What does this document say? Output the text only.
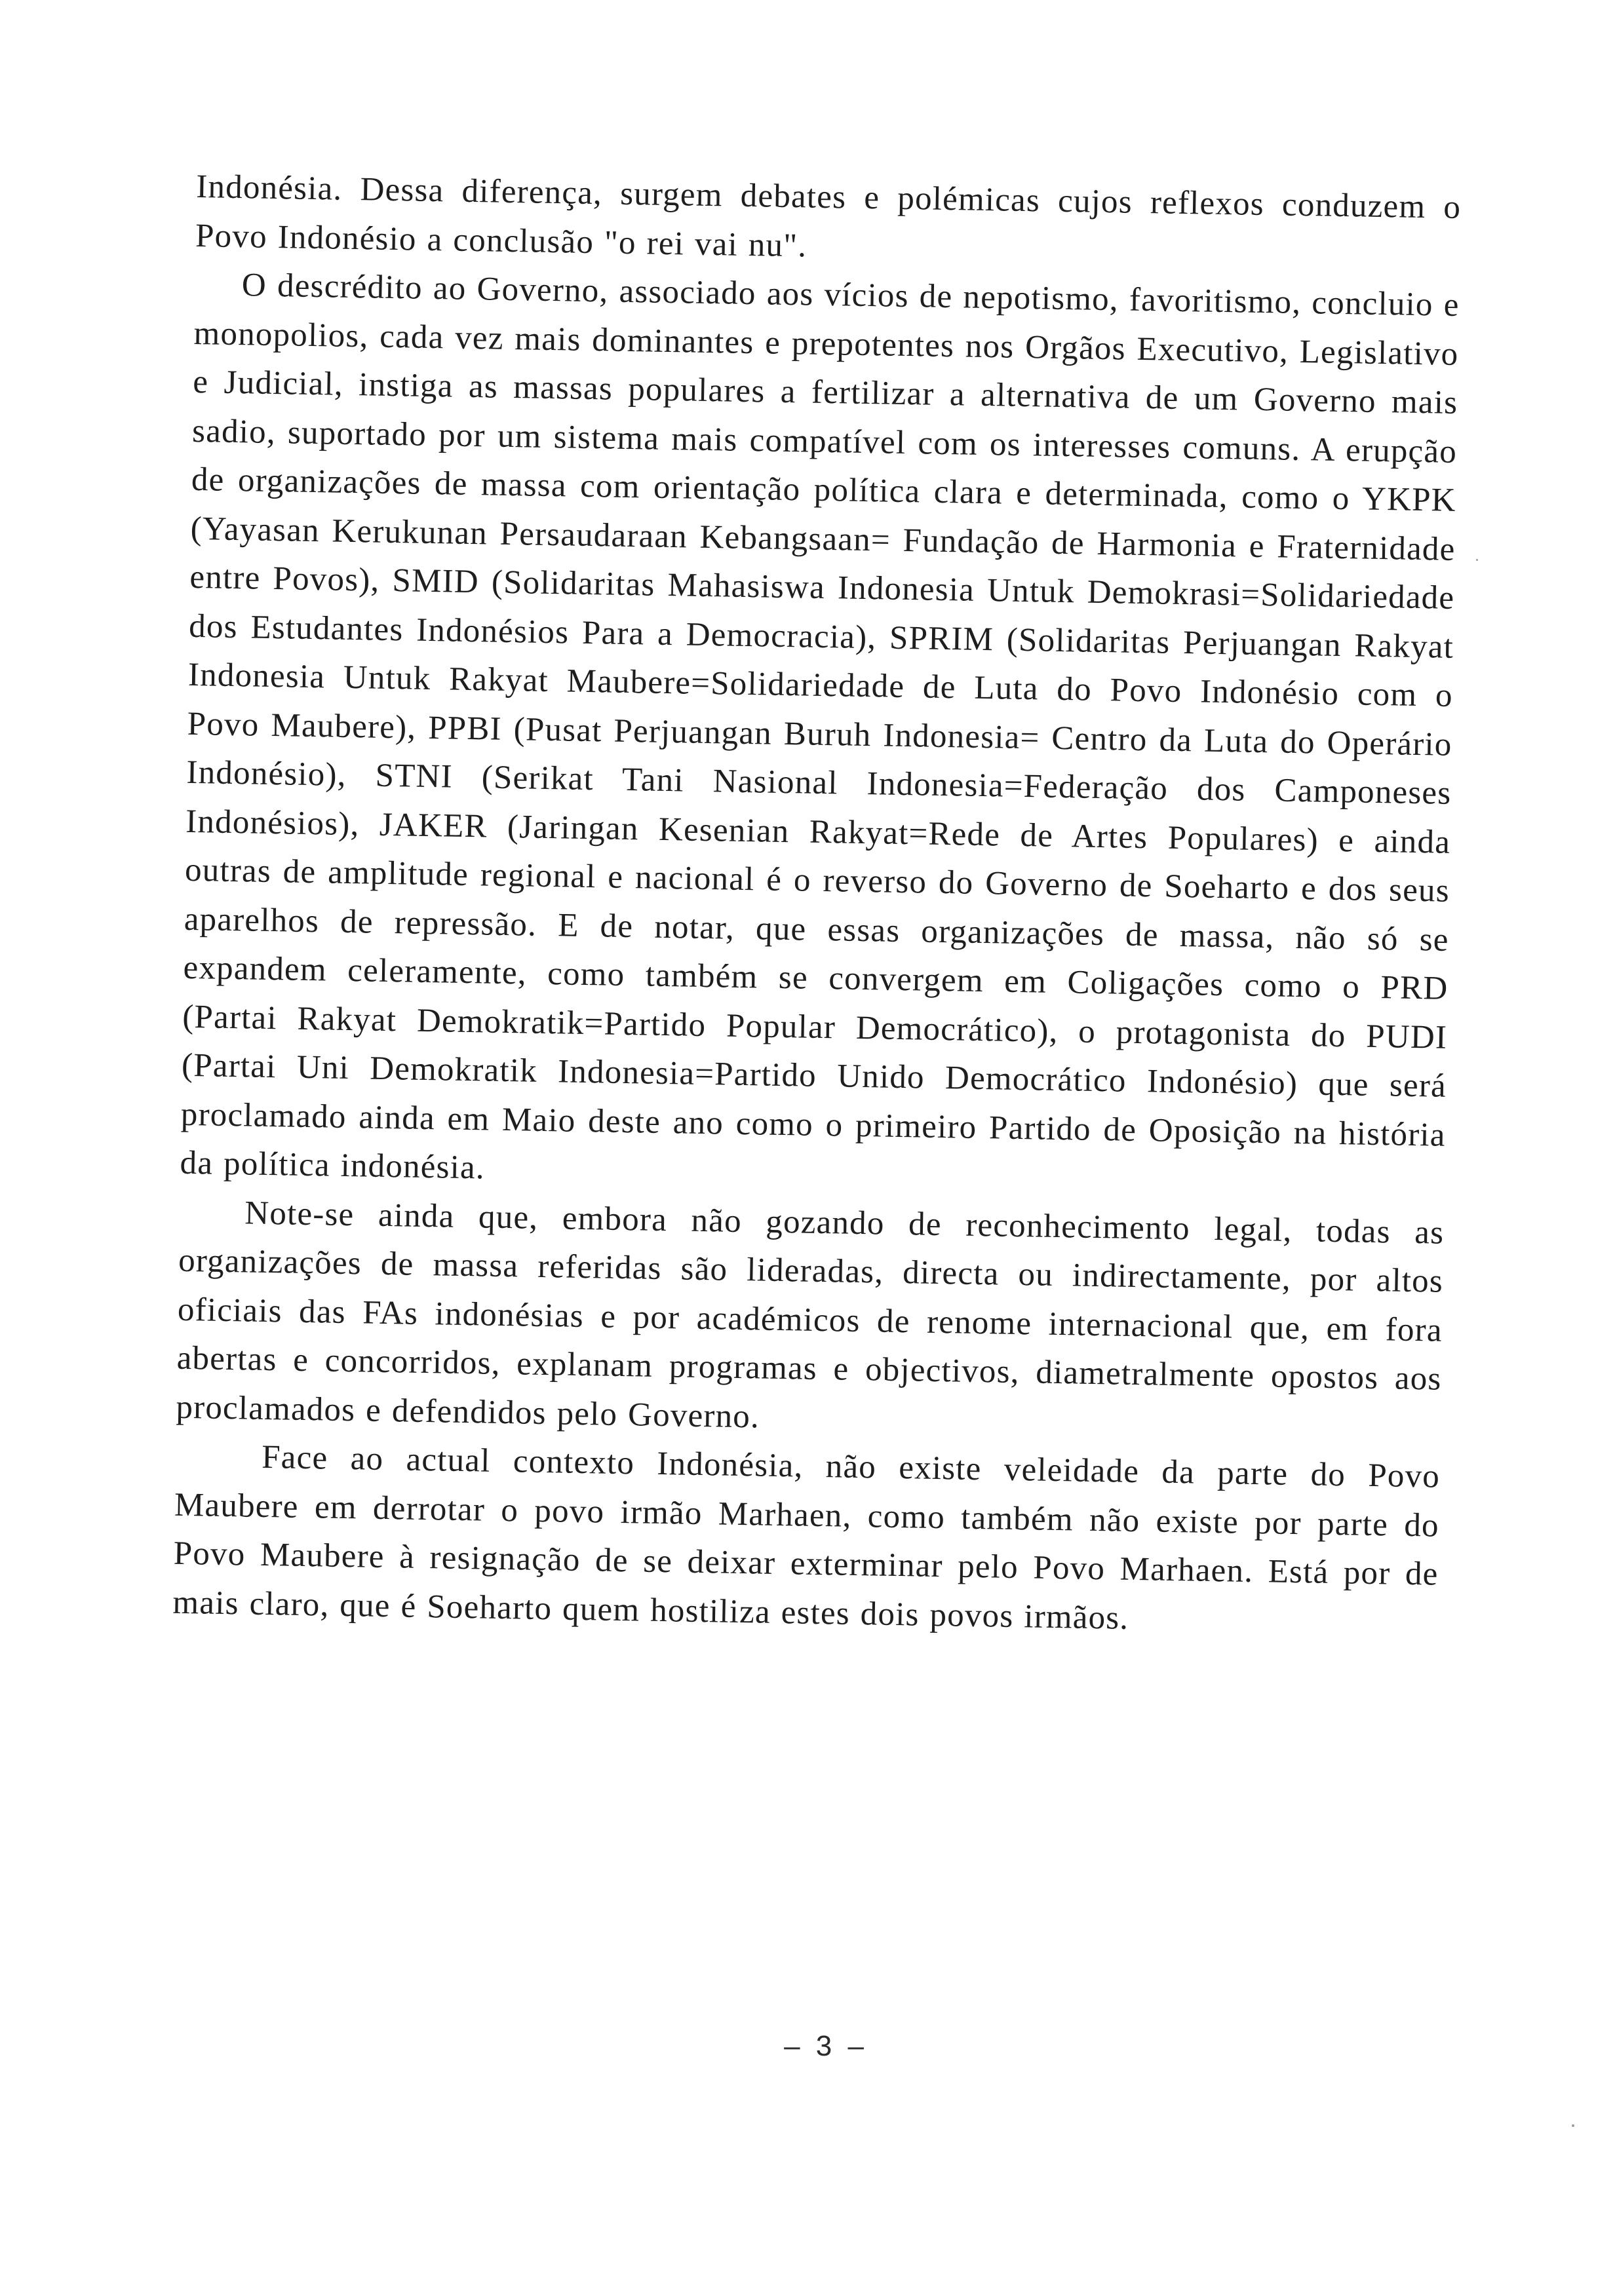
Indonésia. Dessa diferença, surgem debates e polémicas cujos reflexos conduzem o Povo Indonésio a conclusão "o rei vai nu".

O descrédito ao Governo, associado aos vícios de nepotismo, favoritismo, concluio e monopolios, cada vez mais dominantes e prepotentes nos Orgãos Executivo, Legislativo e Judicial, instiga as massas populares a fertilizar a alternativa de um Governo mais sadio, suportado por um sistema mais compatível com os interesses comuns. A erupção de organizações de massa com orientação política clara e determinada, como o YKPK (Yayasan Kerukunan Persaudaraan Kebangsaan= Fundação de Harmonia e Fraternidade entre Povos), SMID (Solidaritas Mahasiswa Indonesia Untuk Demokrasi=Solidariedade dos Estudantes Indonésios Para a Democracia), SPRIM (Solidaritas Perjuangan Rakyat Indonesia Untuk Rakyat Maubere=Solidariedade de Luta do Povo Indonésio com o Povo Maubere), PPBI (Pusat Perjuangan Buruh Indonesia= Centro da Luta do Operário Indonésio), STNI (Serikat Tani Nasional Indonesia=Federação dos Camponeses Indonésios), JAKER (Jaringan Kesenian Rakyat=Rede de Artes Populares) e ainda outras de amplitude regional e nacional é o reverso do Governo de Soeharto e dos seus aparelhos de repressão. E de notar, que essas organizações de massa, não só se expandem celeramente, como também se convergem em Coligações como o PRD (Partai Rakyat Demokratik=Partido Popular Democrático), o protagonista do PUDI (Partai Uni Demokratik Indonesia=Partido Unido Democrático Indonésio) que será proclamado ainda em Maio deste ano como o primeiro Partido de Oposição na história da política indonésia.

Note-se ainda que, embora não gozando de reconhecimento legal, todas as organizações de massa referidas são lideradas, directa ou indirectamente, por altos oficiais das FAs indonésias e por académicos de renome internacional que, em fora abertas e concorridos, explanam programas e objectivos, diametralmente opostos aos proclamados e defendidos pelo Governo.

Face ao actual contexto Indonésia, não existe veleidade da parte do Povo Maubere em derrotar o povo irmão Marhaen, como também não existe por parte do Povo Maubere à resignação de se deixar exterminar pelo Povo Marhaen. Está por de mais claro, que é Soeharto quem hostiliza estes dois povos irmãos.

– 3 –
